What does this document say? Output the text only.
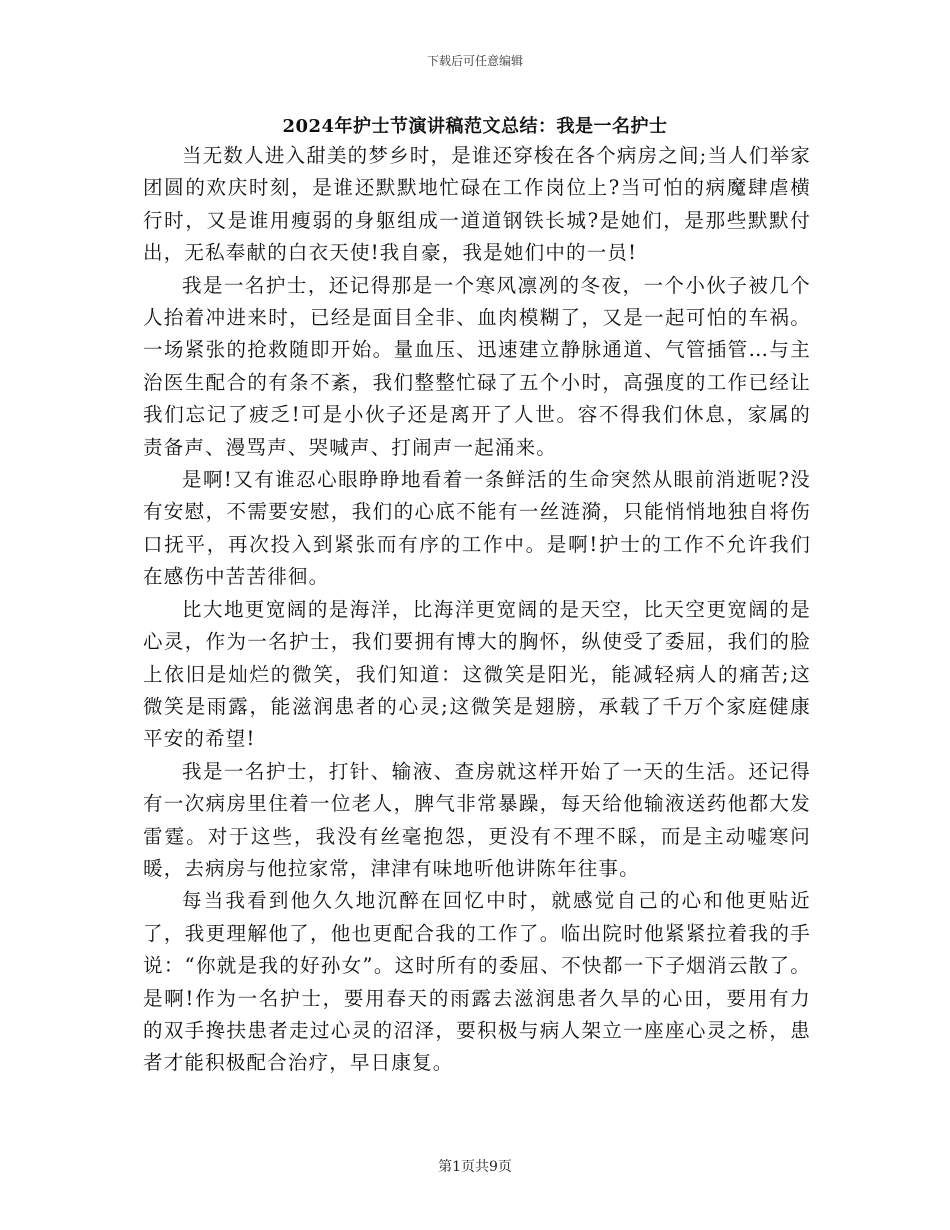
下载后可任意编辑
2024年护士节演讲稿范文总结：我是一名护士

当无数人进入甜美的梦乡时，是谁还穿梭在各个病房之间;当人们举家团圆的欢庆时刻，是谁还默默地忙碌在工作岗位上?当可怕的病魔肆虐横行时，又是谁用瘦弱的身躯组成一道道钢铁长城?是她们，是那些默默付出，无私奉献的白衣天使!我自豪，我是她们中的一员!

我是一名护士，还记得那是一个寒风凛冽的冬夜，一个小伙子被几个人抬着冲进来时，已经是面目全非、血肉模糊了，又是一起可怕的车祸。一场紧张的抢救随即开始。量血压、迅速建立静脉通道、气管插管…与主治医生配合的有条不紊，我们整整忙碌了五个小时，高强度的工作已经让我们忘记了疲乏!可是小伙子还是离开了人世。容不得我们休息，家属的责备声、漫骂声、哭喊声、打闹声一起涌来。

是啊!又有谁忍心眼睁睁地看着一条鲜活的生命突然从眼前消逝呢?没有安慰，不需要安慰，我们的心底不能有一丝涟漪，只能悄悄地独自将伤口抚平，再次投入到紧张而有序的工作中。是啊!护士的工作不允许我们在感伤中苦苦徘徊。

比大地更宽阔的是海洋，比海洋更宽阔的是天空，比天空更宽阔的是心灵，作为一名护士，我们要拥有博大的胸怀，纵使受了委屈，我们的脸上依旧是灿烂的微笑，我们知道：这微笑是阳光，能减轻病人的痛苦;这微笑是雨露，能滋润患者的心灵;这微笑是翅膀，承载了千万个家庭健康平安的希望!

我是一名护士，打针、输液、查房就这样开始了一天的生活。还记得有一次病房里住着一位老人，脾气非常暴躁，每天给他输液送药他都大发雷霆。对于这些，我没有丝毫抱怨，更没有不理不睬，而是主动嘘寒问暖，去病房与他拉家常，津津有味地听他讲陈年往事。

每当我看到他久久地沉醉在回忆中时，就感觉自己的心和他更贴近了，我更理解他了，他也更配合我的工作了。临出院时他紧紧拉着我的手说：“你就是我的好孙女”。这时所有的委屈、不快都一下子烟消云散了。是啊!作为一名护士，要用春天的雨露去滋润患者久旱的心田，要用有力的双手搀扶患者走过心灵的沼泽，要积极与病人架立一座座心灵之桥，患者才能积极配合治疗，早日康复。

第1页共9页
